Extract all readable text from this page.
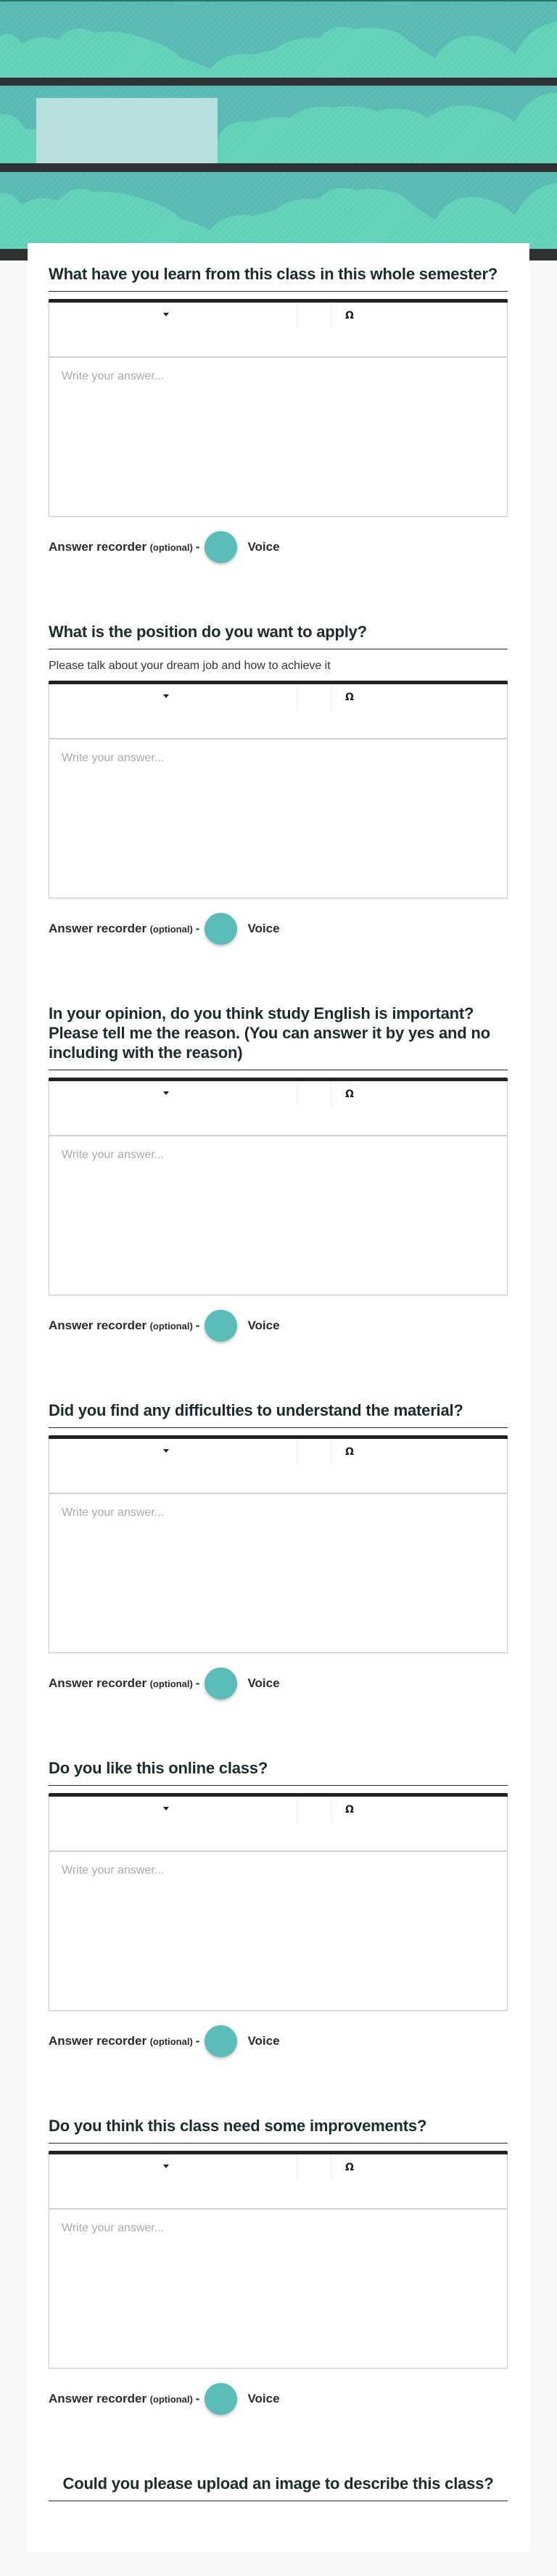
What have you learn from this class in this whole semester?
Ω
Write your answer...
Answer recorder
(optional) -	Voice
What is the position do you want to apply?

Please talk about your dream job and how to achieve it

Ω
Write your answer...
Answer recorder
(optional) -	Voice
In your opinion, do you think study English is important? Please tell me the reason. (You can answer it by yes and no including with the reason)
Ω
Write your answer...
Answer recorder
(optional) -	Voice
Did you find any difficulties to understand the material?
Ω
Write your answer...
Answer recorder
(optional) -	Voice
Do you like this online class?
Ω
Write your answer...
Answer recorder
(optional) -	Voice
Do you think this class need some improvements?
Ω
Write your answer...
Answer recorder
(optional) -	Voice
Could you please upload an image to describe this class?
